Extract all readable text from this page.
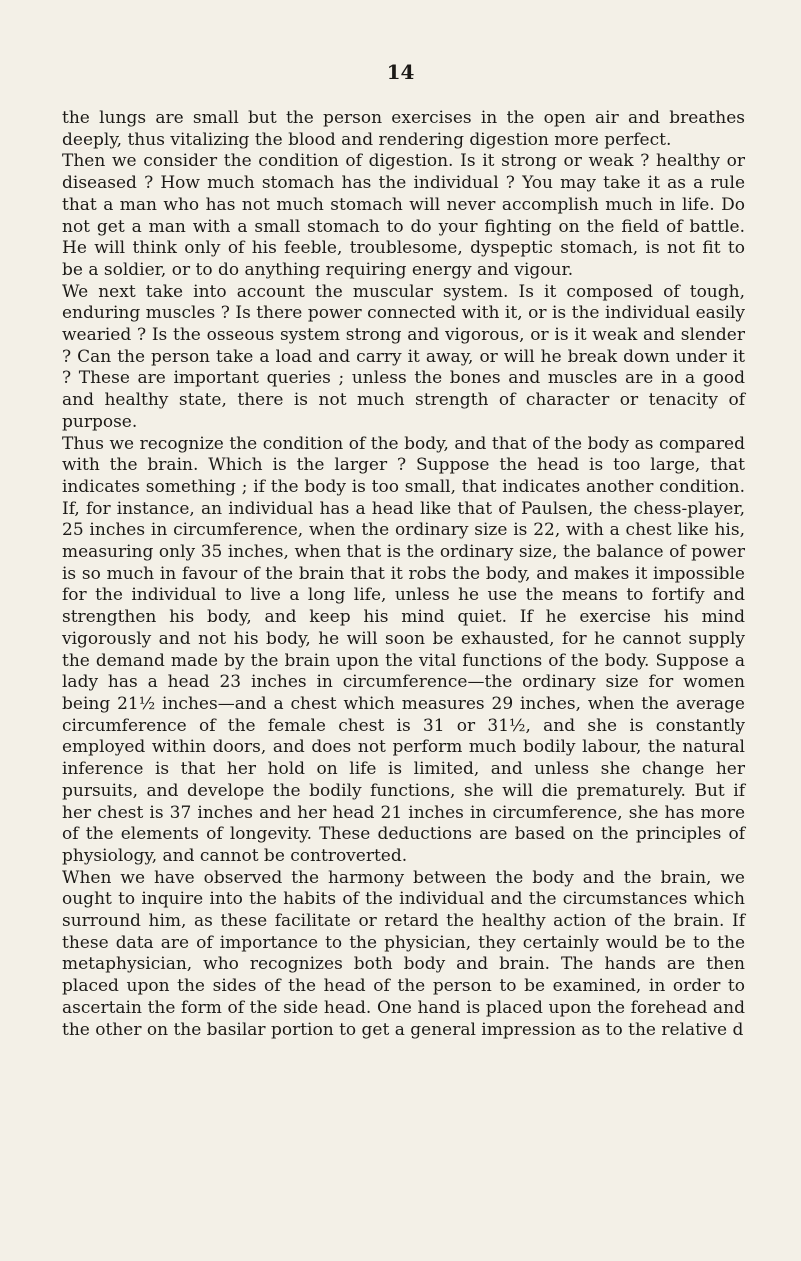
14

the lungs are small but the person exercises in the open air and breathes deeply, thus vitalizing the blood and rendering digestion more perfect.

Then we consider the condition of digestion. Is it strong or weak ? healthy or diseased ? How much stomach has the individual ? You may take it as a rule that a man who has not much stomach will never accomplish much in life. Do not get a man with a small stomach to do your fighting on the field of battle. He will think only of his feeble, troublesome, dyspeptic stomach, is not fit to be a soldier, or to do anything requiring energy and vigour.

We next take into account the muscular system. Is it composed of tough, enduring muscles ? Is there power connected with it, or is the individual easily wearied ? Is the osseous system strong and vigorous, or is it weak and slender ? Can the person take a load and carry it away, or will he break down under it ? These are important queries ; unless the bones and muscles are in a good and healthy state, there is not much strength of character or tenacity of purpose.

Thus we recognize the condition of the body, and that of the body as compared with the brain. Which is the larger ? Suppose the head is too large, that indicates something ; if the body is too small, that indicates another condition. If, for instance, an individual has a head like that of Paulsen, the chess-player, 25 inches in circumference, when the ordinary size is 22, with a chest like his, measuring only 35 inches, when that is the ordinary size, the balance of power is so much in favour of the brain that it robs the body, and makes it impossible for the individual to live a long life, unless he use the means to fortify and strengthen his body, and keep his mind quiet. If he exercise his mind vigorously and not his body, he will soon be exhausted, for he cannot supply the demand made by the brain upon the vital functions of the body. Suppose a lady has a head 23 inches in circumference—the ordinary size for women being 21½ inches—and a chest which measures 29 inches, when the average circumference of the female chest is 31 or 31½, and she is constantly employed within doors, and does not perform much bodily labour, the natural inference is that her hold on life is limited, and unless she change her pursuits, and develope the bodily functions, she will die prematurely. But if her chest is 37 inches and her head 21 inches in circumference, she has more of the elements of longevity. These deductions are based on the principles of physiology, and cannot be controverted.

When we have observed the harmony between the body and the brain, we ought to inquire into the habits of the individual and the circumstances which surround him, as these facilitate or retard the healthy action of the brain. If these data are of importance to the physician, they certainly would be to the metaphysician, who recognizes both body and brain. The hands are then placed upon the sides of the head of the person to be examined, in order to ascertain the form of the side head. One hand is placed upon the forehead and the other on the basilar portion to get a general impression as to the relative d
